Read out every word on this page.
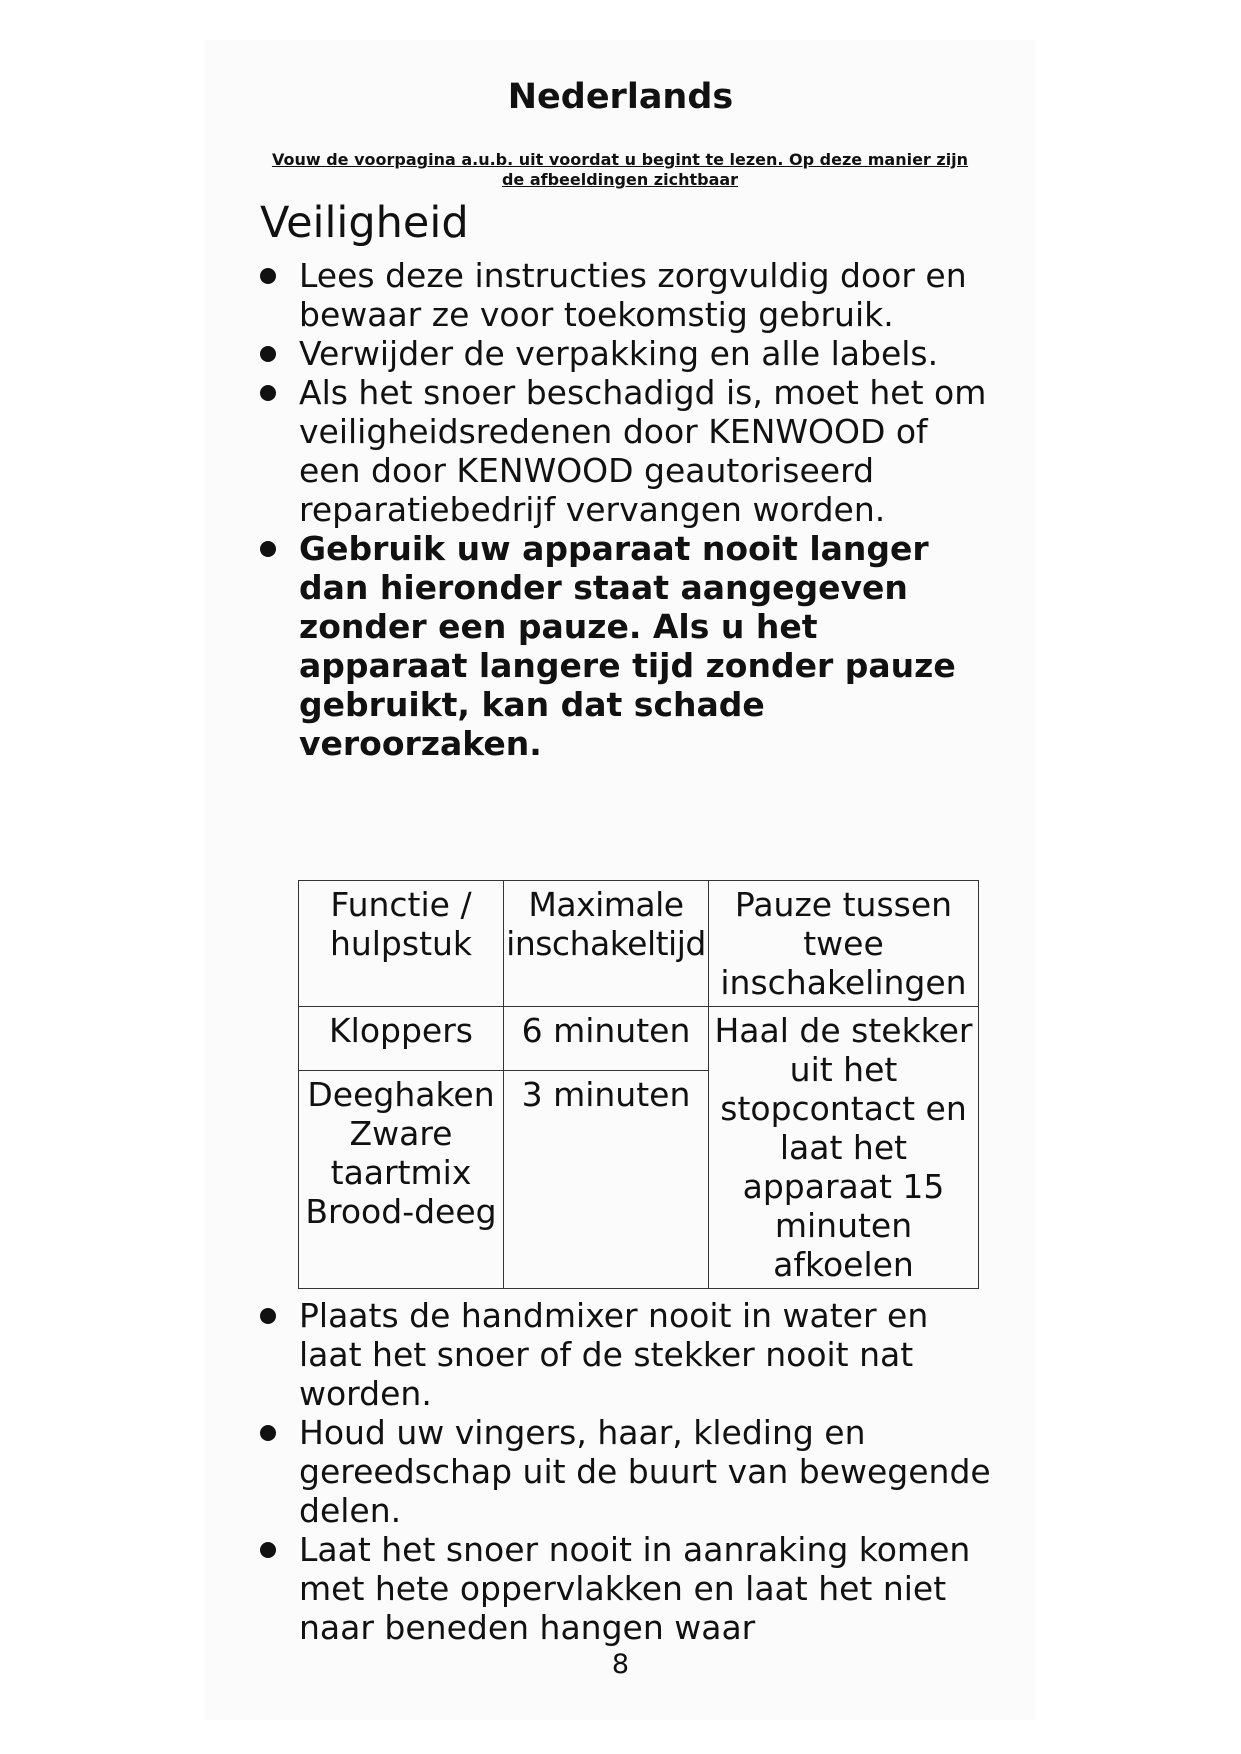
Nederlands
Vouw de voorpagina a.u.b. uit voordat u begint te lezen. Op deze manier zijn de afbeeldingen zichtbaar
Veiligheid
Lees deze instructies zorgvuldig door en bewaar ze voor toekomstig gebruik.
Verwijder de verpakking en alle labels.
Als het snoer beschadigd is, moet het om veiligheidsredenen door KENWOOD of een door KENWOOD geautoriseerd reparatiebedrijf vervangen worden.
Gebruik uw apparaat nooit langer dan hieronder staat aangegeven zonder een pauze. Als u het apparaat langere tijd zonder pauze gebruikt, kan dat schade veroorzaken.
Functie / hulpstuk	Maximale inschakeltijd	Pauze tussen twee inschakelingen
Kloppers	6 minuten	Haal de stekker uit het stopcontact en laat het apparaat 15 minuten afkoelen
Deeghaken Zware taartmix Brood-deeg	3 minuten	
Plaats de handmixer nooit in water en laat het snoer of de stekker nooit nat worden.
Houd uw vingers, haar, kleding en gereedschap uit de buurt van bewegende delen.
Laat het snoer nooit in aanraking komen met hete oppervlakken en laat het niet naar beneden hangen waar
8
